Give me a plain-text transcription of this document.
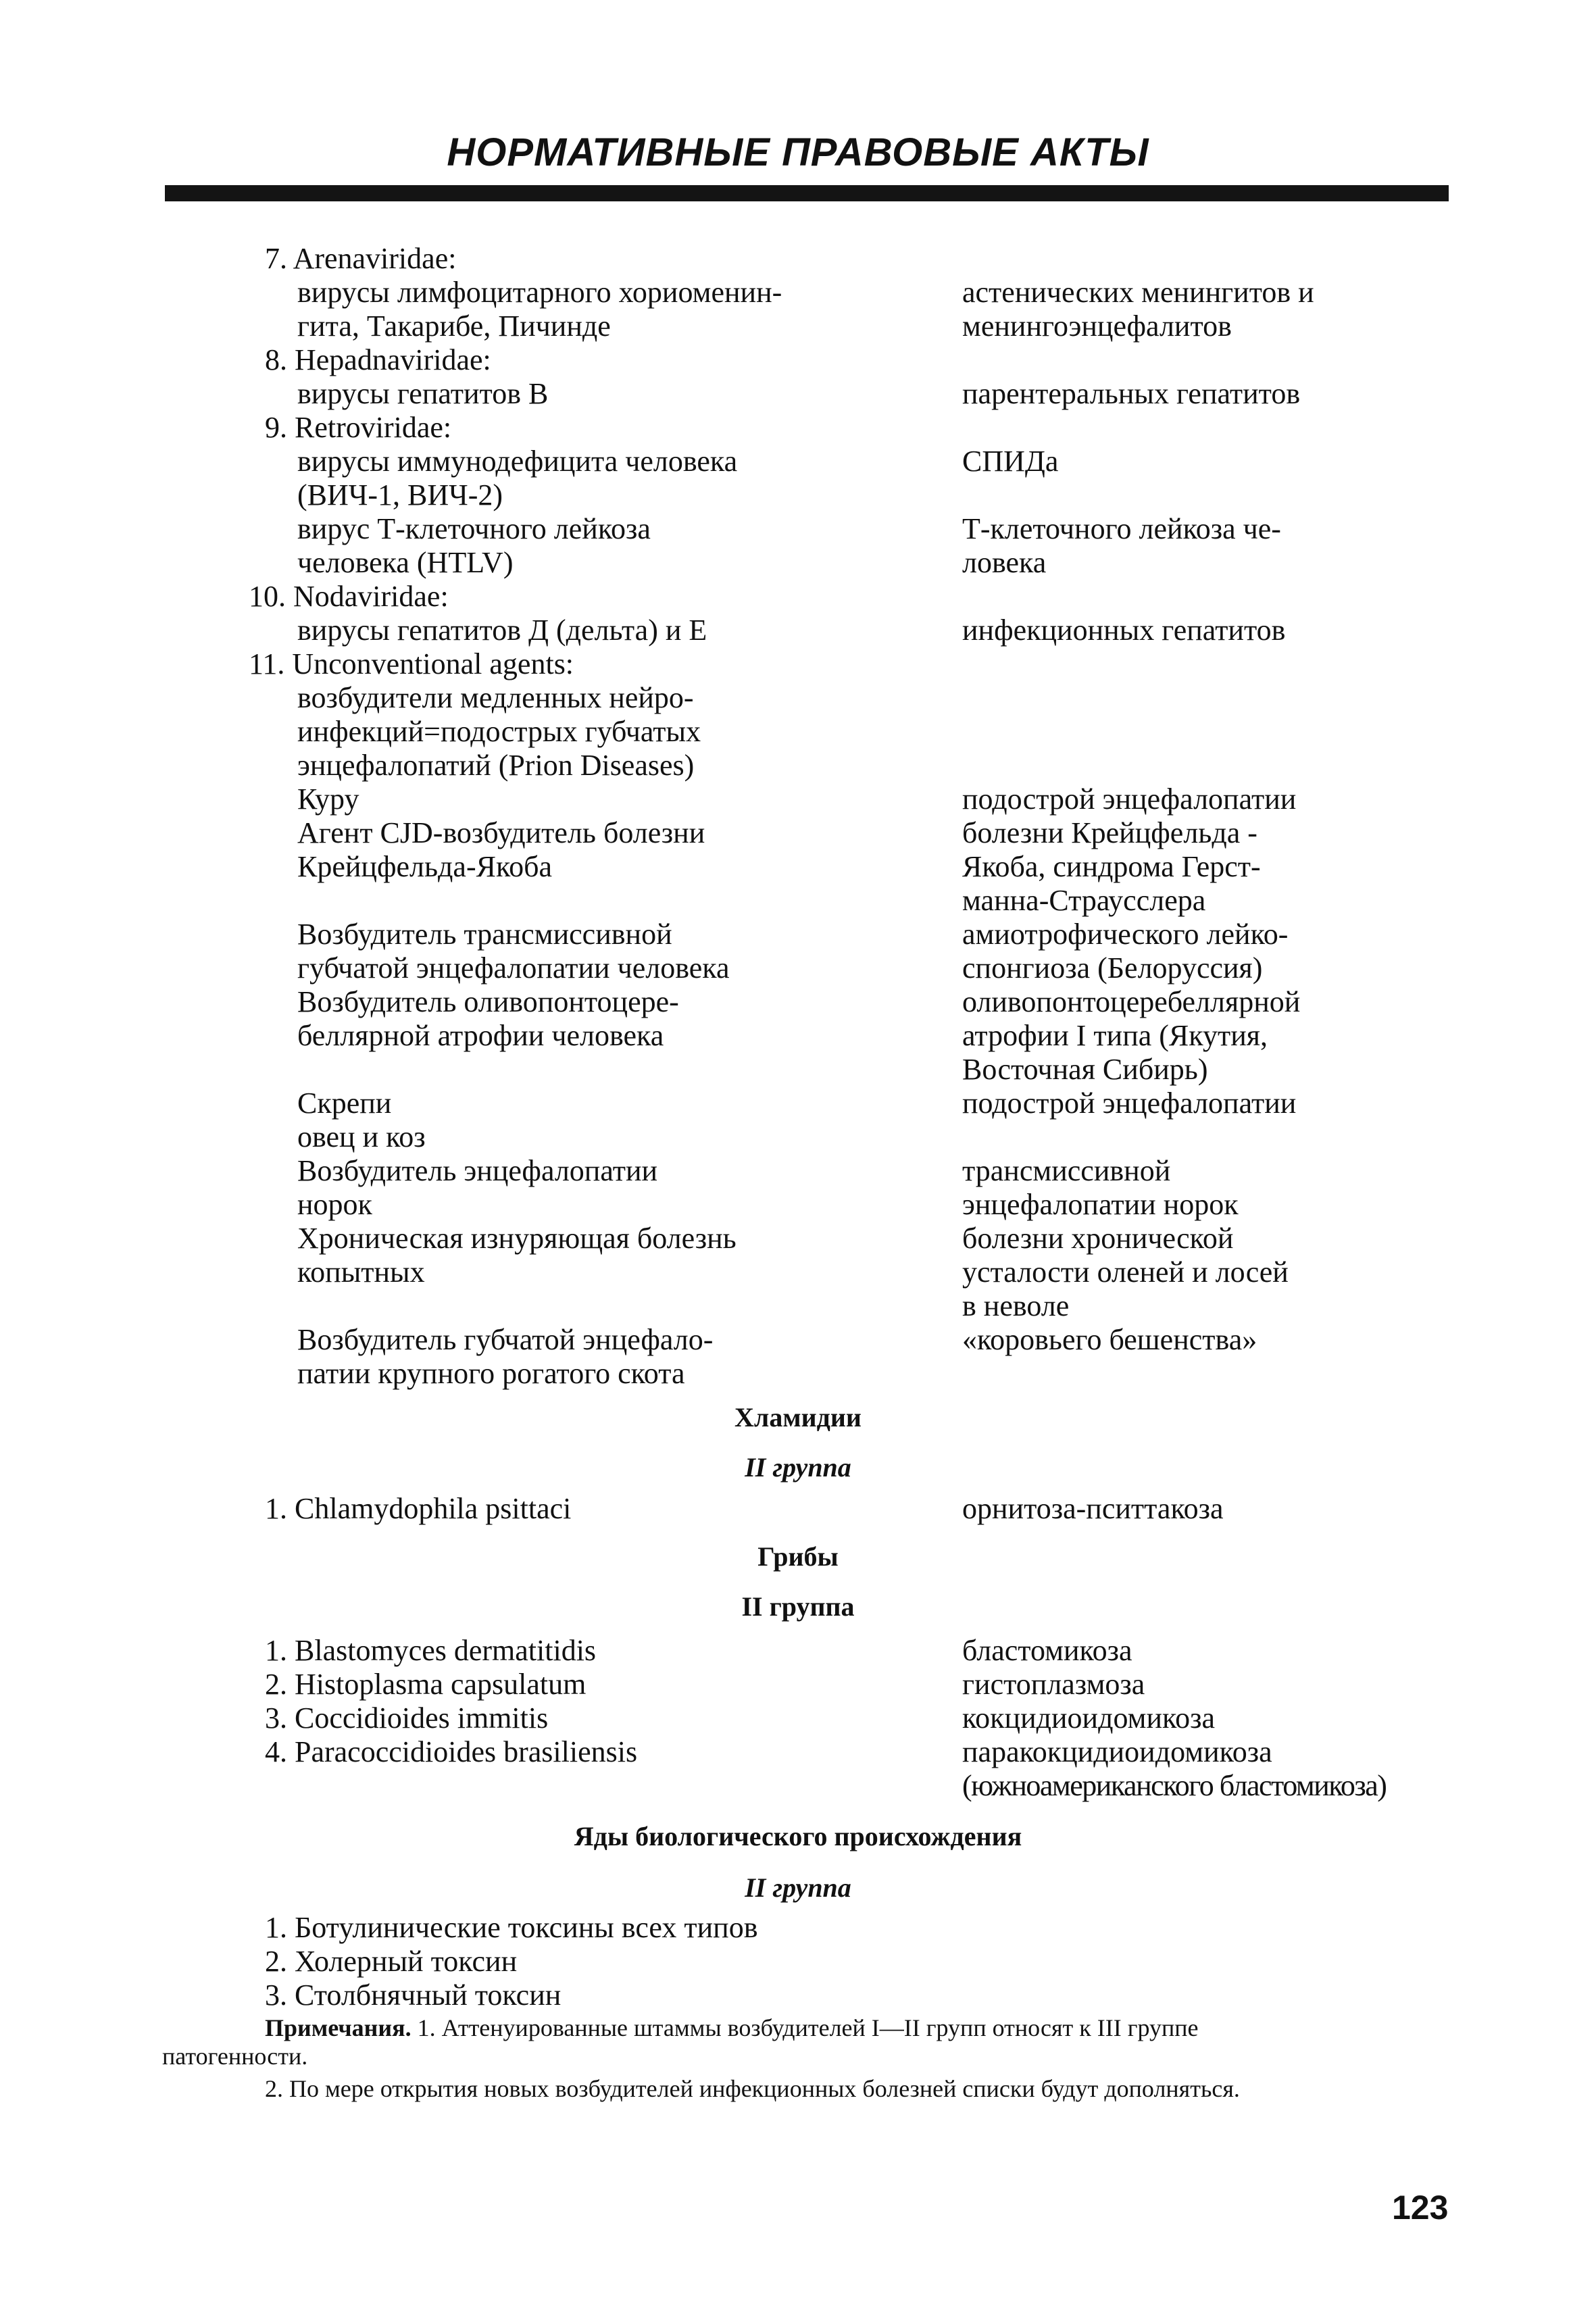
НОРМАТИВНЫЕ ПРАВОВЫЕ АКТЫ
7. Arenaviridae:
вирусы лимфоцитарного хориоменин-
гита, Такарибе, Пичинде
8. Hepadnaviridae:
вирусы гепатитов В
9. Retroviridae:
вирусы иммунодефицита человека
(ВИЧ-1, ВИЧ-2)
вирус Т-клеточного лейкоза
человека (HTLV)
10. Nodaviridae:
вирусы гепатитов Д (дельта) и Е
11. Unconventional agents:
возбудители медленных нейро-
инфекций=подострых губчатых
энцефалопатий (Prion Diseases)
Куру
Агент CJD-возбудитель болезни
Крейцфельда-Якоба
Возбудитель трансмиссивной
губчатой энцефалопатии человека
Возбудитель оливопонтоцере-
беллярной атрофии человека
Скрепи
овец и коз
Возбудитель энцефалопатии
норок
Хроническая изнуряющая болезнь
копытных
Возбудитель губчатой энцефало-
патии крупного рогатого скота
астенических менингитов и
менингоэнцефалитов
парентеральных гепатитов
СПИДа
Т-клеточного лейкоза че-
ловека
инфекционных гепатитов
подострой энцефалопатии
болезни Крейцфельда -
Якоба, синдрома Герст-
манна-Страусслера
амиотрофического лейко-
спонгиоза (Белоруссия)
оливопонтоцеребеллярной
атрофии I типа (Якутия,
Восточная Сибирь)
подострой энцефалопатии
трансмиссивной
энцефалопатии норок
болезни хронической
усталости оленей и лосей
в неволе
«коровьего бешенства»
Хламидии
II группа
1. Chlamydophila psittaci	орнитоза-пситтакоза
Грибы
II группа
1. Blastomyces dermatitidis
2. Histoplasma capsulatum
3. Coccidioides immitis
4. Paracoccidioides brasiliensis
бластомикоза
гистоплазмоза
кокцидиоидомикоза
паракокцидиоидомикоза
(южноамериканского бластомикоза)
Яды биологического происхождения
II группа
1. Ботулинические токсины всех типов
2. Холерный токсин
3. Столбнячный токсин
Примечания. 1. Аттенуированные штаммы возбудителей I—II групп относят к III группе
патогенности.
2. По мере открытия новых возбудителей инфекционных болезней списки будут дополняться.
123
